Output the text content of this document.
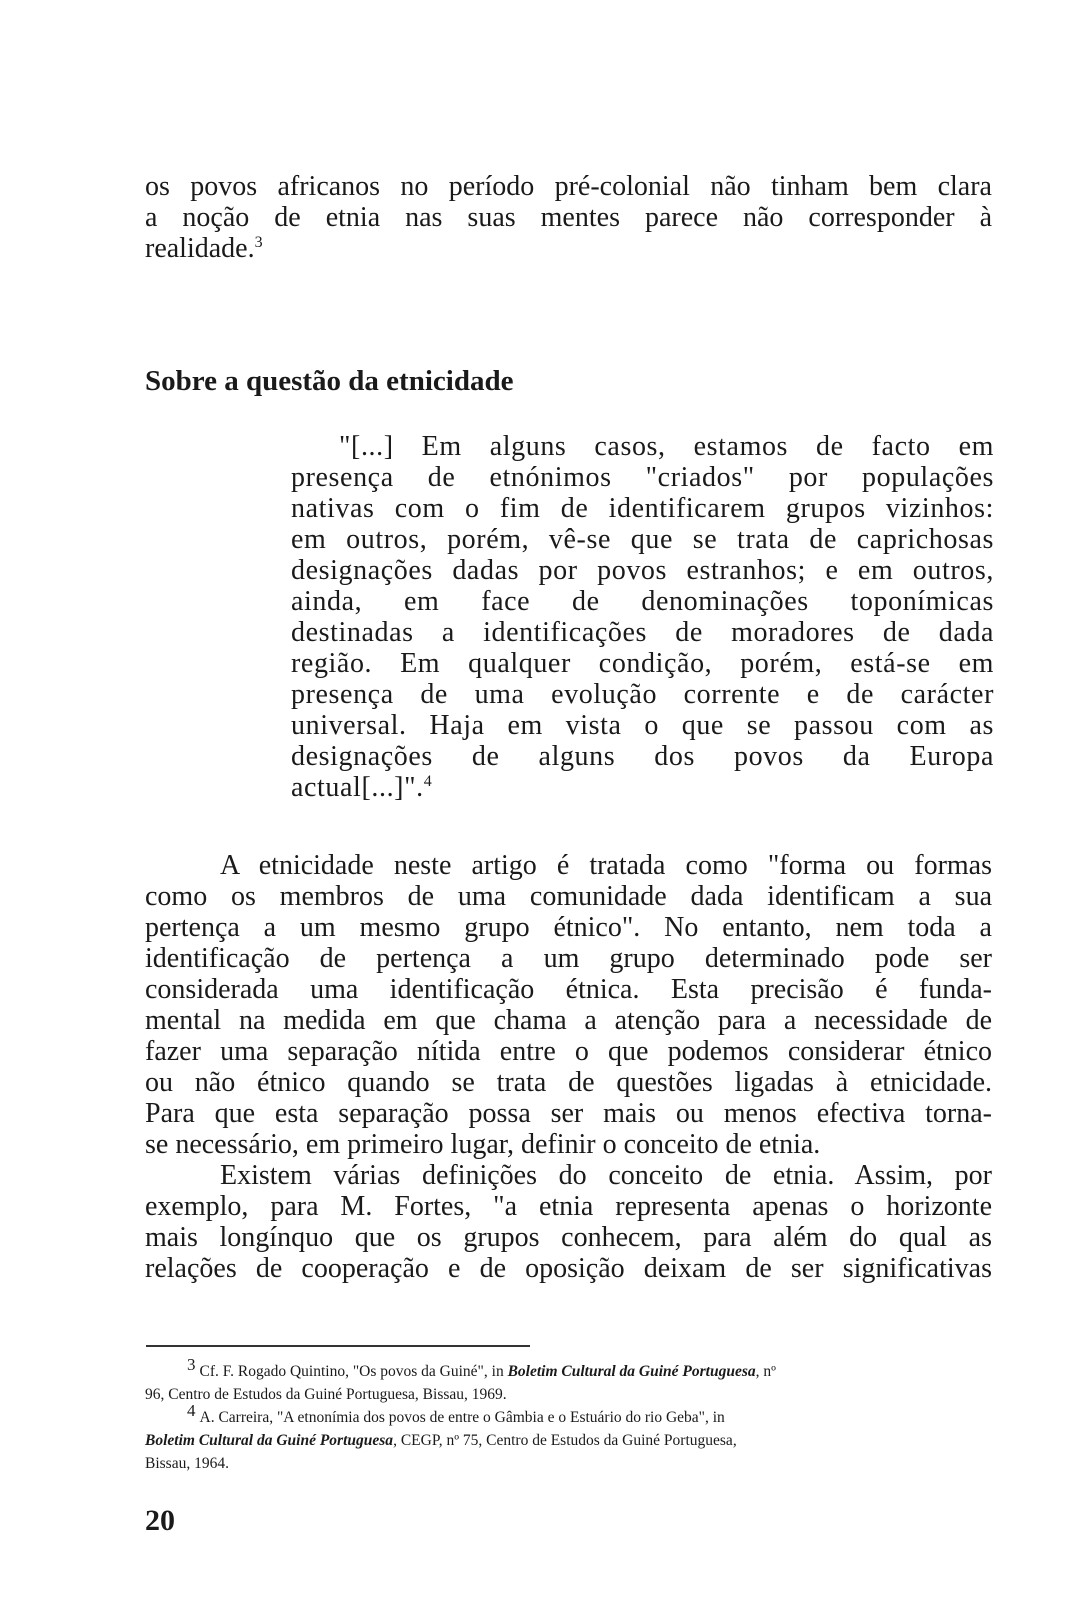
os povos africanos no período pré-colonial não tinham bem clara
a noção de etnia nas suas mentes parece não corresponder à
realidade.$^3$
Sobre a questão da etnicidade
"[...] Em alguns casos, estamos de facto em
presença de etnónimos "criados" por populações
nativas com o fim de identificarem grupos vizinhos:
em outros, porém, vê-se que se trata de caprichosas
designações dadas por povos estranhos; e em outros,
ainda, em face de denominações toponímicas
destinadas a identificações de moradores de dada
região. Em qualquer condição, porém, está-se em
presença de uma evolução corrente e de carácter
universal. Haja em vista o que se passou com as
designações de alguns dos povos da Europa
actual[...]".$^4$
A etnicidade neste artigo é tratada como "forma ou formas
como os membros de uma comunidade dada identificam a sua
pertença a um mesmo grupo étnico". No entanto, nem toda a
identificação de pertença a um grupo determinado pode ser
considerada uma identificação étnica. Esta precisão é funda-
mental na medida em que chama a atenção para a necessidade de
fazer uma separação nítida entre o que podemos considerar étnico
ou não étnico quando se trata de questões ligadas à etnicidade.
Para que esta separação possa ser mais ou menos efectiva torna-
se necessário, em primeiro lugar, definir o conceito de etnia.
Existem várias definições do conceito de etnia. Assim, por
exemplo, para M. Fortes, "a etnia representa apenas o horizonte
mais longínquo que os grupos conhecem, para além do qual as
relações de cooperação e de oposição deixam de ser significativas
$^3$ Cf. F. Rogado Quintino, "Os povos da Guiné", in Boletim Cultural da Guiné Portuguesa, nº
96, Centro de Estudos da Guiné Portuguesa, Bissau, 1969.
$^4$ A. Carreira, "A etnonímia dos povos de entre o Gâmbia e o Estuário do rio Geba", in
Boletim Cultural da Guiné Portuguesa, CEGP, nº 75, Centro de Estudos da Guiné Portuguesa,
Bissau, 1964.
20
